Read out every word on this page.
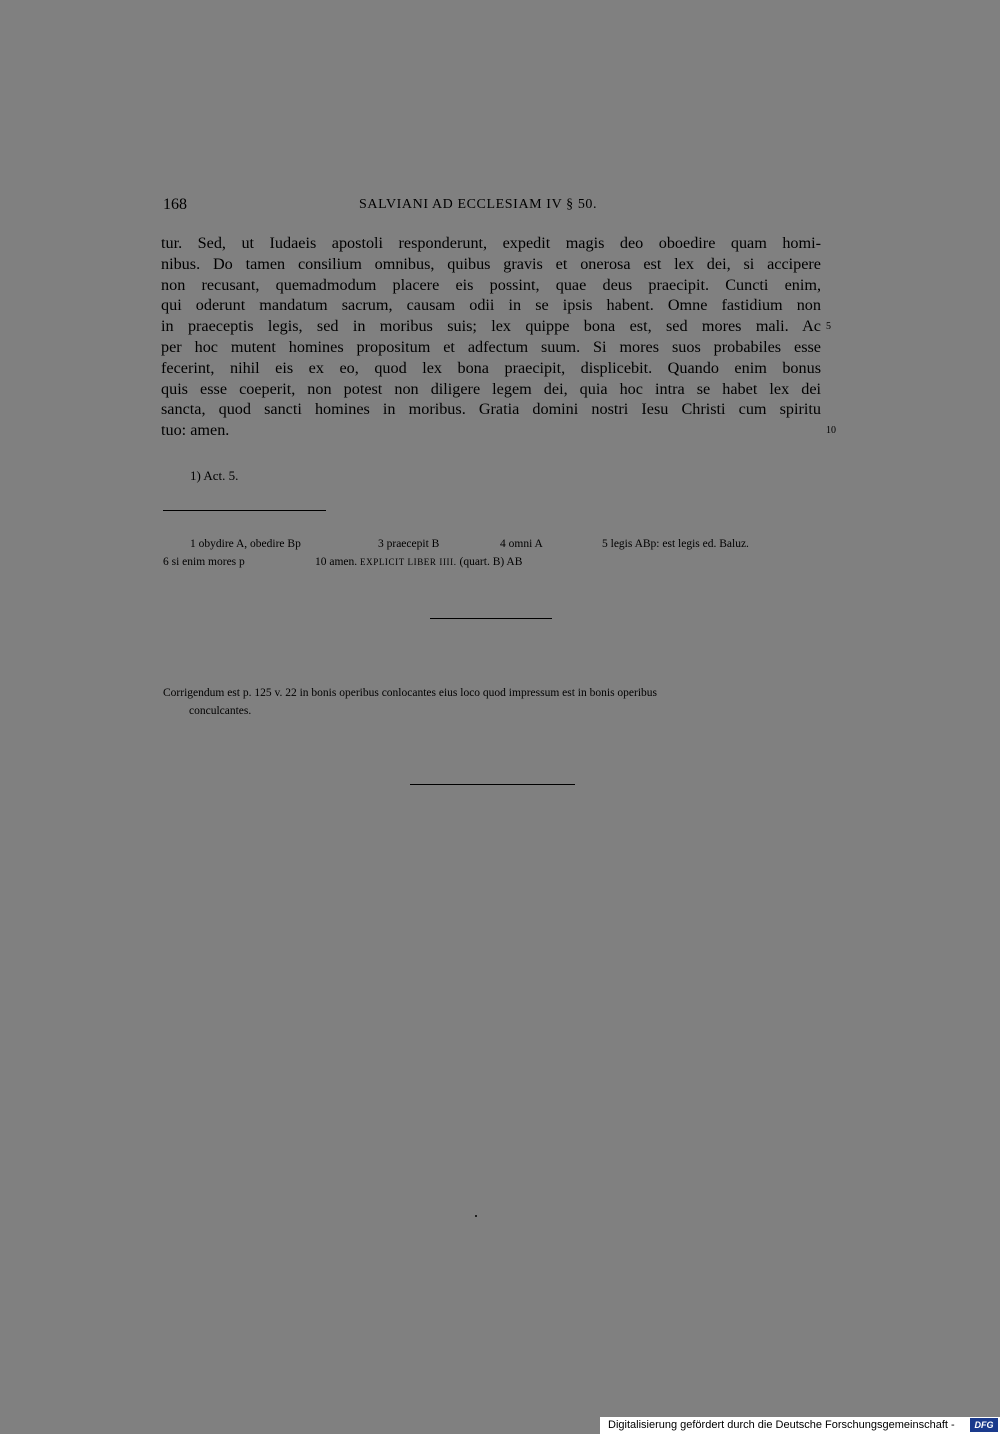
168	SALVIANI AD ECCLESIAM IV § 50.
tur. Sed, ut Iudaeis apostoli responderunt, expedit magis deo oboedire quam homi-
nibus. Do tamen consilium omnibus, quibus gravis et onerosa est lex dei, si accipere
non recusant, quemadmodum placere eis possint, quae deus praecipit. Cuncti enim,
qui oderunt mandatum sacrum, causam odii in se ipsis habent. Omne fastidium non
in praeceptis legis, sed in moribus suis; lex quippe bona est, sed mores mali. Ac
per hoc mutent homines propositum et adfectum suum. Si mores suos probabiles esse
fecerint, nihil eis ex eo, quod lex bona praecipit, displicebit. Quando enim bonus
quis esse coeperit, non potest non diligere legem dei, quia hoc intra se habet lex dei
sancta, quod sancti homines in moribus. Gratia domini nostri Iesu Christi cum spiritu
tuo: amen.
5
10
1) Act. 5.
1 obydire A, obedire Bp	3 praecepit B	4 omni A	5 legis ABp: est legis ed. Baluz.
6 si enim mores p	10 amen. EXPLICIT LIBER IIII. (quart. B) AB
Corrigendum est p. 125 v. 22 in bonis operibus conlocantes eius loco quod impressum est in bonis operibus
conculcantes.
Digitalisierung gefördert durch die Deutsche Forschungsgemeinschaft -	DFG
